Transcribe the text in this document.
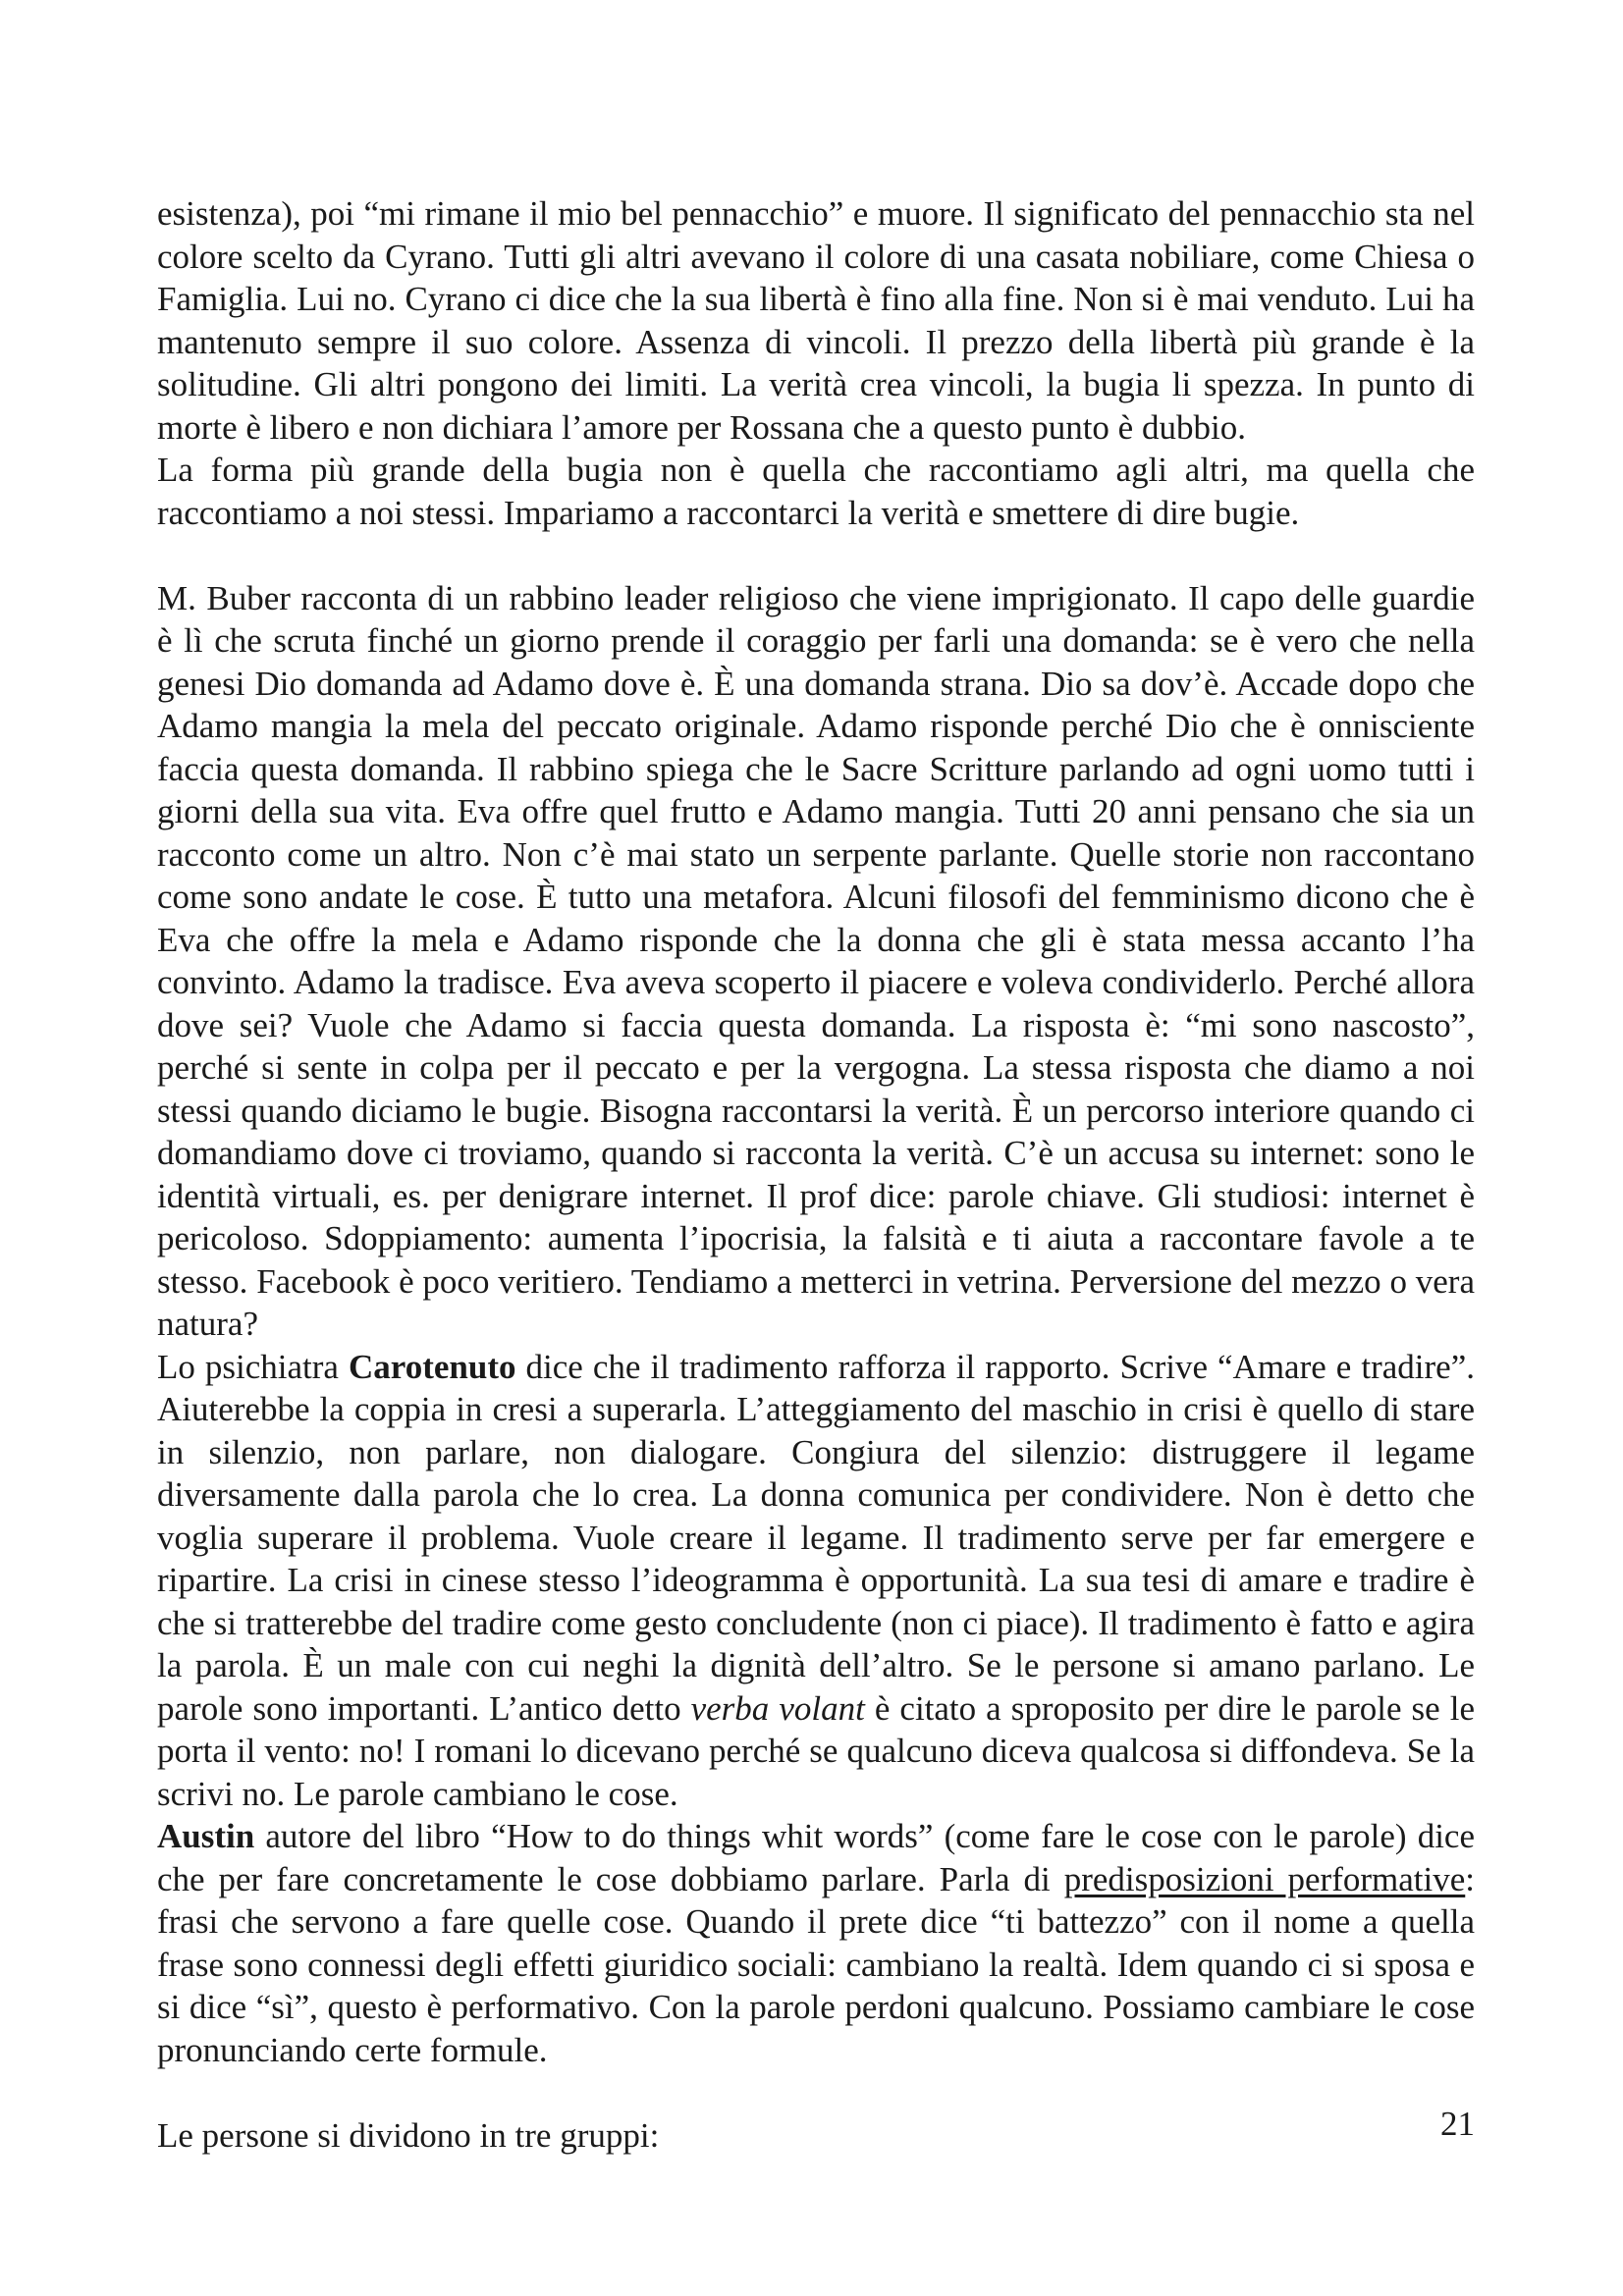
esistenza), poi “mi rimane il mio bel pennacchio” e muore. Il significato del pennacchio sta nel colore scelto da Cyrano. Tutti gli altri avevano il colore di una casata nobiliare, come Chiesa o Famiglia. Lui no. Cyrano ci dice che la sua libertà è fino alla fine. Non si è mai venduto. Lui ha mantenuto sempre il suo colore. Assenza di vincoli. Il prezzo della libertà più grande è la solitudine. Gli altri pongono dei limiti. La verità crea vincoli, la bugia li spezza. In punto di morte è libero e non dichiara l’amore per Rossana che a questo punto è dubbio.

La forma più grande della bugia non è quella che raccontiamo agli altri, ma quella che raccontiamo a noi stessi. Impariamo a raccontarci la verità e smettere di dire bugie.

M. Buber racconta di un rabbino leader religioso che viene imprigionato. Il capo delle guardie è lì che scruta finché un giorno prende il coraggio per farli una domanda: se è vero che nella genesi Dio domanda ad Adamo dove è. È una domanda strana. Dio sa dov’è. Accade dopo che Adamo mangia la mela del peccato originale. Adamo risponde perché Dio che è onnisciente faccia questa domanda. Il rabbino spiega che le Sacre Scritture parlando ad ogni uomo tutti i giorni della sua vita. Eva offre quel frutto e Adamo mangia. Tutti 20 anni pensano che sia un racconto come un altro. Non c’è mai stato un serpente parlante. Quelle storie non raccontano come sono andate le cose. È tutto una metafora. Alcuni filosofi del femminismo dicono che è Eva che offre la mela e Adamo risponde che la donna che gli è stata messa accanto l’ha convinto. Adamo la tradisce. Eva aveva scoperto il piacere e voleva condividerlo. Perché allora dove sei? Vuole che Adamo si faccia questa domanda. La risposta è: “mi sono nascosto”, perché si sente in colpa per il peccato e per la vergogna. La stessa risposta che diamo a noi stessi quando diciamo le bugie. Bisogna raccontarsi la verità. È un percorso interiore quando ci domandiamo dove ci troviamo, quando si racconta la verità. C’è un accusa su internet: sono le identità virtuali, es. per denigrare internet. Il prof dice: parole chiave. Gli studiosi: internet è pericoloso. Sdoppiamento: aumenta l’ipocrisia, la falsità e ti aiuta a raccontare favole a te stesso. Facebook è poco veritiero. Tendiamo a metterci in vetrina. Perversione del mezzo o vera natura?

Lo psichiatra Carotenuto dice che il tradimento rafforza il rapporto. Scrive “Amare e tradire”. Aiuterebbe la coppia in cresi a superarla. L’atteggiamento del maschio in crisi è quello di stare in silenzio, non parlare, non dialogare. Congiura del silenzio: distruggere il legame diversamente dalla parola che lo crea. La donna comunica per condividere. Non è detto che voglia superare il problema. Vuole creare il legame. Il tradimento serve per far emergere e ripartire. La crisi in cinese stesso l’ideogramma è opportunità. La sua tesi di amare e tradire è che si tratterebbe del tradire come gesto concludente (non ci piace). Il tradimento è fatto e agira la parola. È un male con cui neghi la dignità dell’altro. Se le persone si amano parlano. Le parole sono importanti. L’antico detto verba volant è citato a sproposito per dire le parole se le porta il vento: no! I romani lo dicevano perché se qualcuno diceva qualcosa si diffondeva. Se la scrivi no. Le parole cambiano le cose.

Austin autore del libro “How to do things whit words” (come fare le cose con le parole) dice che per fare concretamente le cose dobbiamo parlare. Parla di predisposizioni performative: frasi che servono a fare quelle cose. Quando il prete dice “ti battezzo” con il nome a quella frase sono connessi degli effetti giuridico sociali: cambiano la realtà. Idem quando ci si sposa e si dice “sì”, questo è performativo. Con la parole perdoni qualcuno. Possiamo cambiare le cose pronunciando certe formule.

Le persone si dividono in tre gruppi:	21
